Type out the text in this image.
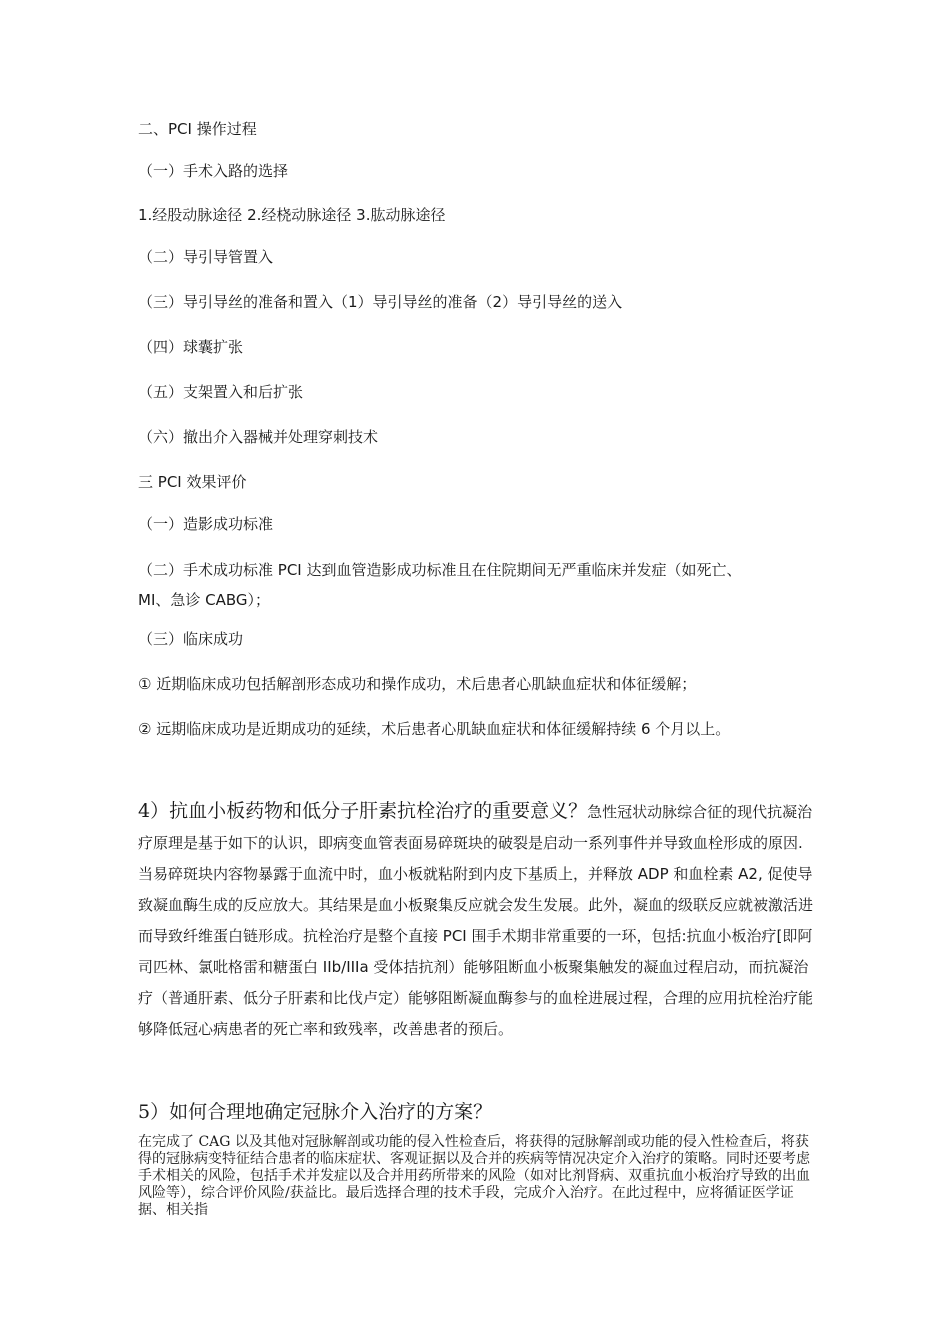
二、PCI 操作过程
（一）手术入路的选择
1.经股动脉途径 2.经桡动脉途径 3.肱动脉途径
（二）导引导管置入
（三）导引导丝的准备和置入（1）导引导丝的准备（2）导引导丝的送入
（四）球囊扩张
（五）支架置入和后扩张
（六）撤出介入器械并处理穿刺技术
三 PCI 效果评价
（一）造影成功标准
（二）手术成功标准 PCI 达到血管造影成功标准且在住院期间无严重临床并发症（如死亡、
MI、急诊 CABG）；
（三）临床成功
① 近期临床成功包括解剖形态成功和操作成功，术后患者心肌缺血症状和体征缓解；
② 远期临床成功是近期成功的延续，术后患者心肌缺血症状和体征缓解持续 6 个月以上。
4）抗血小板药物和低分子肝素抗栓治疗的重要意义？急性冠状动脉综合征的现代抗凝治疗原理是基于如下的认识，即病变血管表面易碎斑块的破裂是启动一系列事件并导致血栓形成的原因.当易碎斑块内容物暴露于血流中时，血小板就粘附到内皮下基质上，并释放 ADP 和血栓素 A2, 促使导致凝血酶生成的反应放大。其结果是血小板聚集反应就会发生发展。此外，凝血的级联反应就被激活进而导致纤维蛋白链形成。抗栓治疗是整个直接 PCI 围手术期非常重要的一环，包括:抗血小板治疗[即阿司匹林、氯吡格雷和糖蛋白 IIb/IIIa 受体拮抗剂）能够阻断血小板聚集触发的凝血过程启动，而抗凝治疗（普通肝素、低分子肝素和比伐卢定）能够阻断凝血酶参与的血栓进展过程，合理的应用抗栓治疗能够降低冠心病患者的死亡率和致残率，改善患者的预后。
5）如何合理地确定冠脉介入治疗的方案？
在完成了 CAG 以及其他对冠脉解剖或功能的侵入性检查后，将获得的冠脉解剖或功能的侵入性检查后，将获得的冠脉病变特征结合患者的临床症状、客观证据以及合并的疾病等情况决定介入治疗的策略。同时还要考虑手术相关的风险，包括手术并发症以及合并用药所带来的风险（如对比剂肾病、双重抗血小板治疗导致的出血风险等），综合评价风险/获益比。最后选择合理的技术手段，完成介入治疗。在此过程中，应将循证医学证据、相关指
